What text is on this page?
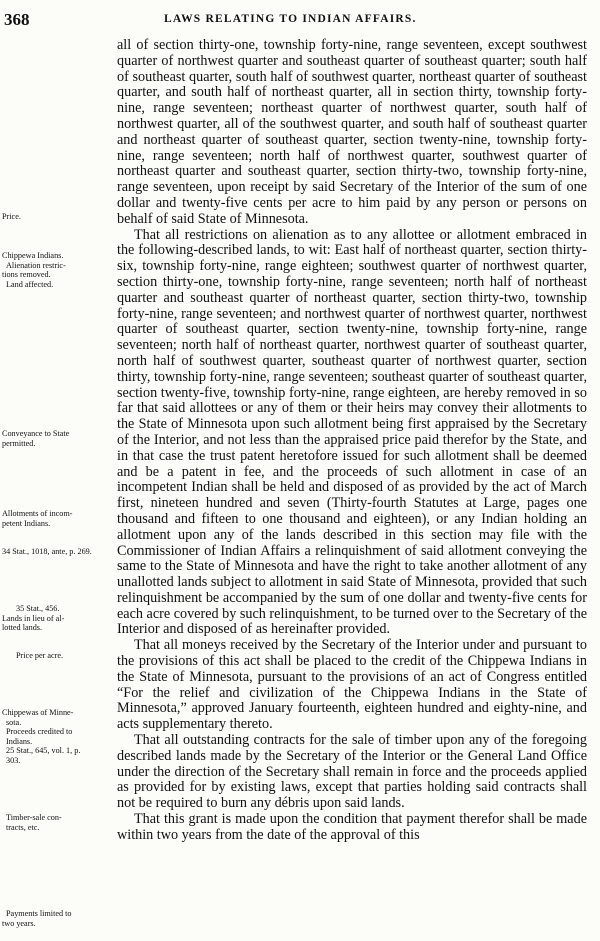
368	LAWS RELATING TO INDIAN AFFAIRS.

all of section thirty-one, township forty-nine, range seventeen, except southwest quarter of northwest quarter and southeast quarter of southeast quarter; south half of southeast quarter, south half of southwest quarter, northeast quarter of southeast quarter, and south half of northeast quarter, all in section thirty, township forty-nine, range seventeen; northeast quarter of northwest quarter, south half of northwest quarter, all of the southwest quarter, and south half of southeast quarter and northeast quarter of southeast quarter, section twenty-nine, township forty-nine, range seventeen; north half of northwest quarter, southwest quarter of northeast quarter and southeast quarter, section thirty-two, township forty-nine, range seventeen, upon receipt by said Secretary of the Interior of the sum of one dollar and twenty-five cents per acre to him paid by any person or persons on behalf of said State of Minnesota.

That all restrictions on alienation as to any allottee or allotment embraced in the following-described lands, to wit: East half of northeast quarter, section thirty-six, township forty-nine, range eighteen; southwest quarter of northwest quarter, section thirty-one, township forty-nine, range seventeen; north half of northeast quarter and southeast quarter of northeast quarter, section thirty-two, township forty-nine, range seventeen; and northwest quarter of northwest quarter, northwest quarter of southeast quarter, section twenty-nine, township forty-nine, range seventeen; north half of northeast quarter, northwest quarter of southeast quarter, north half of southwest quarter, southeast quarter of northwest quarter, section thirty, township forty-nine, range seventeen; southeast quarter of southeast quarter, section twenty-five, township forty-nine, range eighteen, are hereby removed in so far that said allottees or any of them or their heirs may convey their allotments to the State of Minnesota upon such allotment being first appraised by the Secretary of the Interior, and not less than the appraised price paid therefor by the State, and in that case the trust patent heretofore issued for such allotment shall be deemed and be a patent in fee, and the proceeds of such allotment in case of an incompetent Indian shall be held and disposed of as provided by the act of March first, nineteen hundred and seven (Thirty-fourth Statutes at Large, pages one thousand and fifteen to one thousand and eighteen), or any Indian holding an allotment upon any of the lands described in this section may file with the Commissioner of Indian Affairs a relinquishment of said allotment conveying the same to the State of Minnesota and have the right to take another allotment of any unallotted lands subject to allotment in said State of Minnesota, provided that such relinquishment be accompanied by the sum of one dollar and twenty-five cents for each acre covered by such relinquishment, to be turned over to the Secretary of the Interior and disposed of as hereinafter provided.

That all moneys received by the Secretary of the Interior under and pursuant to the provisions of this act shall be placed to the credit of the Chippewa Indians in the State of Minnesota, pursuant to the provisions of an act of Congress entitled “For the relief and civilization of the Chippewa Indians in the State of Minnesota,” approved January fourteenth, eighteen hundred and eighty-nine, and acts supplementary thereto.

That all outstanding contracts for the sale of timber upon any of the foregoing described lands made by the Secretary of the Interior or the General Land Office under the direction of the Secretary shall remain in force and the proceeds applied as provided for by existing laws, except that parties holding said contracts shall not be required to burn any débris upon said lands.

That this grant is made upon the condition that payment therefor shall be made within two years from the date of the approval of this

Price.
Chippewa Indians.
Alienation restric-
tions removed.
Land affected.
Conveyance to State
permitted.
Allotments of incom-
petent Indians.
34 Stat., 1018, ante, p. 269.
35 Stat., 456.
Lands in lieu of al-
lotted lands.
Price per acre.
Chippewas of Minne-
sota.
Proceeds credited to
Indians.
25 Stat., 645, vol. 1, p.
303.
Timber-sale con-
tracts, etc.
Payments limited to
two years.
